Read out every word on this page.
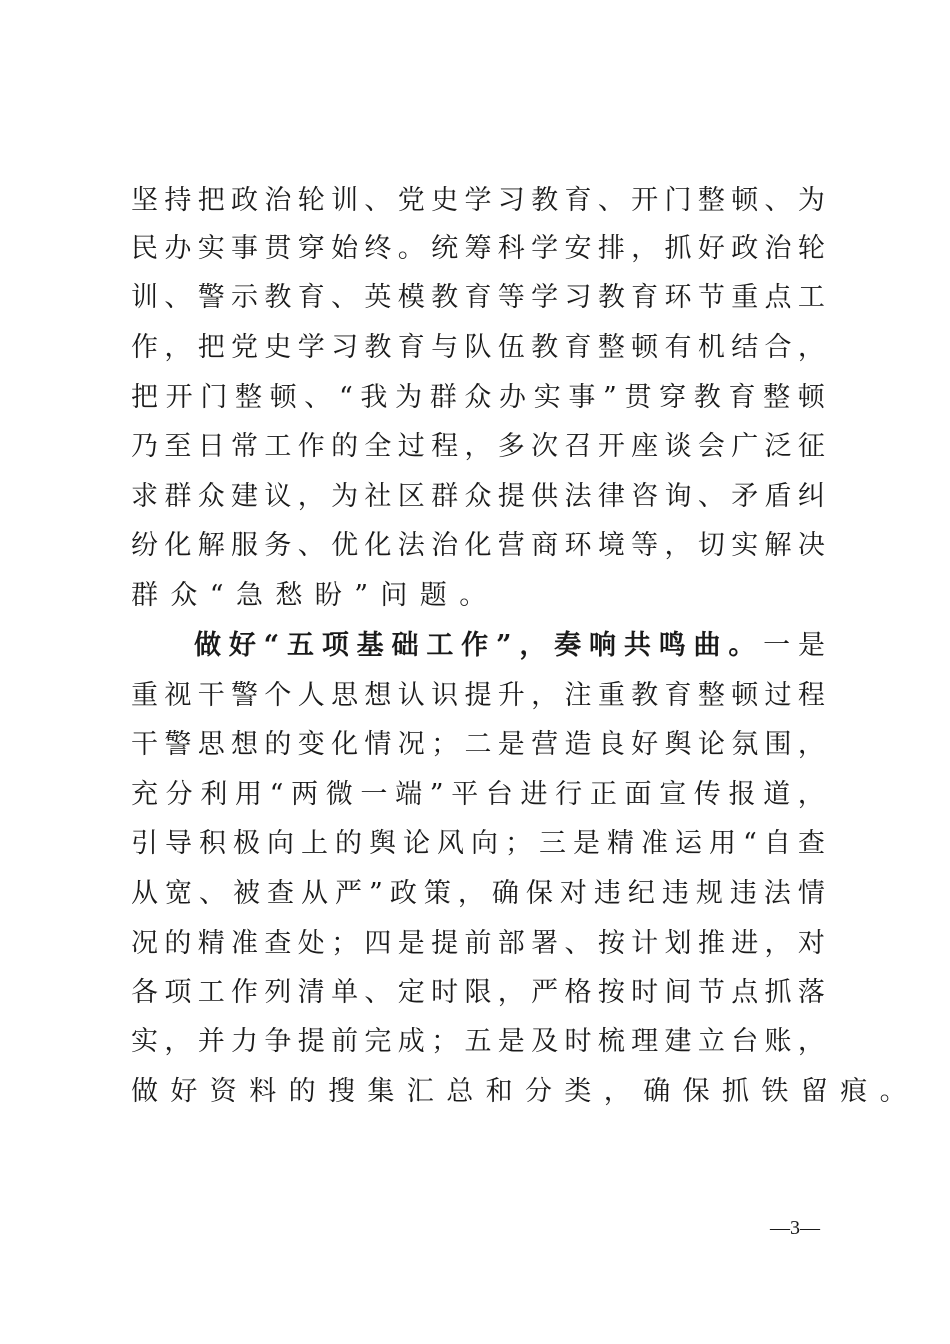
坚 持 把 政 治 轮 训 、 党 史 学 习 教 育 、 开 门 整 顿 、 为
民 办 实 事 贯 穿 始 终 。 统 筹 科 学 安 排 ， 抓 好 政 治 轮
训 、 警 示 教 育 、 英 模 教 育 等 学 习 教 育 环 节 重 点 工
作 ， 把 党 史 学 习 教 育 与 队 伍 教 育 整 顿 有 机 结 合 ，
把 开 门 整 顿 、 “ 我 为 群 众 办 实 事 ” 贯 穿 教 育 整 顿
乃 至 日 常 工 作 的 全 过 程 ， 多 次 召 开 座 谈 会 广 泛 征
求 群 众 建 议 ， 为 社 区 群 众 提 供 法 律 咨 询 、 矛 盾 纠
纷 化 解 服 务 、 优 化 法 治 化 营 商 环 境 等 ， 切 实 解 决
群众“急愁盼”问题。
做 好 “ 五 项 基 础 工 作 ” ， 奏 响 共 鸣 曲 。 一 是
重 视 干 警 个 人 思 想 认 识 提 升 ， 注 重 教 育 整 顿 过 程
干 警 思 想 的 变 化 情 况 ； 二 是 营 造 良 好 舆 论 氛 围 ，
充 分 利 用 “ 两 微 一 端 ” 平 台 进 行 正 面 宣 传 报 道 ，
引 导 积 极 向 上 的 舆 论 风 向 ； 三 是 精 准 运 用 “ 自 查
从 宽 、 被 查 从 严 ” 政 策 ， 确 保 对 违 纪 违 规 违 法 情
况 的 精 准 查 处 ； 四 是 提 前 部 署 、 按 计 划 推 进 ， 对
各 项 工 作 列 清 单 、 定 时 限 ， 严 格 按 时 间 节 点 抓 落
实 ， 并 力 争 提 前 完 成 ； 五 是 及 时 梳 理 建 立 台 账 ，
做好资料的搜集汇总和分类，确保抓铁留痕。
—3—
